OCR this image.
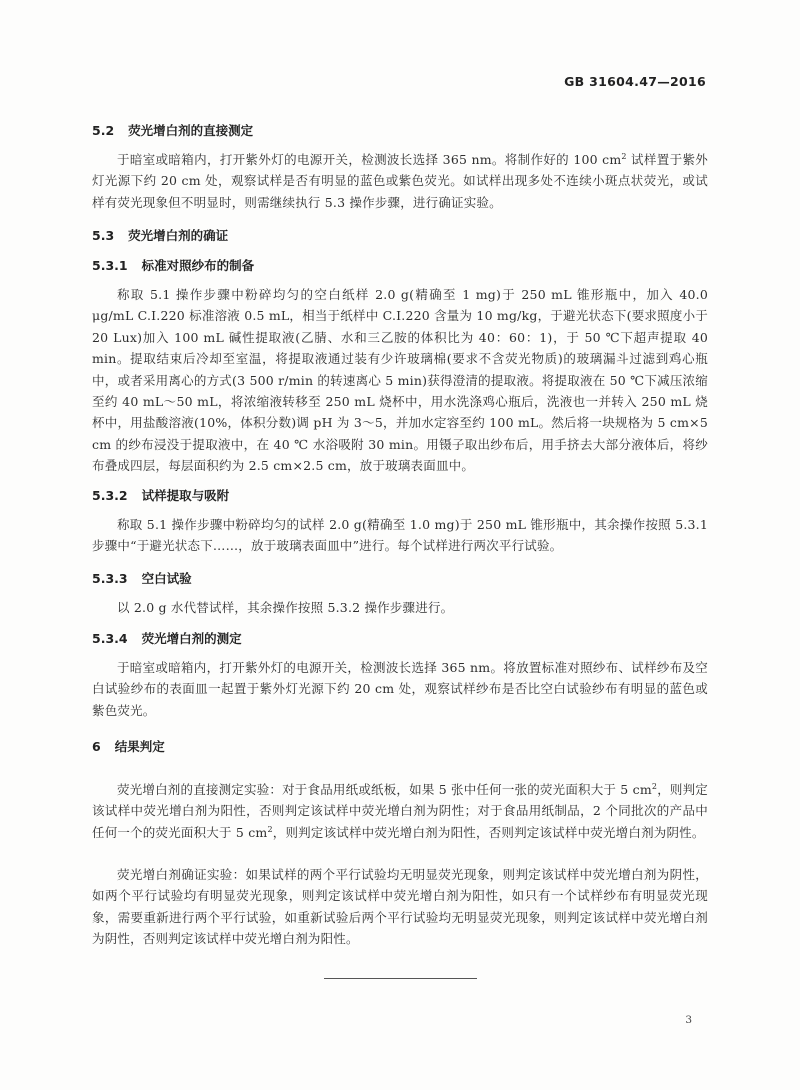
GB 31604.47—2016
5.2 荧光增白剂的直接测定
于暗室或暗箱内，打开紫外灯的电源开关，检测波长选择 365 nm。将制作好的 100 $cm^2$ 试样置于紫外灯光源下约 20 cm 处，观察试样是否有明显的蓝色或紫色荧光。如试样出现多处不连续小斑点状荧光，或试样有荧光现象但不明显时，则需继续执行 5.3 操作步骤，进行确证实验。
5.3 荧光增白剂的确证
5.3.1 标准对照纱布的制备
称取 5.1 操作步骤中粉碎均匀的空白纸样 2.0 g(精确至 1 mg)于 250 mL 锥形瓶中，加入 40.0 μg/mL C.I.220 标准溶液 0.5 mL，相当于纸样中 C.I.220 含量为 10 mg/kg，于避光状态下(要求照度小于 20 Lux)加入 100 mL 碱性提取液(乙腈、水和三乙胺的体积比为 40：60：1)，于 50 ℃下超声提取 40 min。提取结束后冷却至室温，将提取液通过装有少许玻璃棉(要求不含荧光物质)的玻璃漏斗过滤到鸡心瓶中，或者采用离心的方式(3 500 r/min 的转速离心 5 min)获得澄清的提取液。将提取液在 50 ℃下减压浓缩至约 40 mL～50 mL，将浓缩液转移至 250 mL 烧杯中，用水洗涤鸡心瓶后，洗液也一并转入 250 mL 烧杯中，用盐酸溶液(10%，体积分数)调 pH 为 3～5，并加水定容至约 100 mL。然后将一块规格为 5 cm×5 cm 的纱布浸没于提取液中，在 40 ℃ 水浴吸附 30 min。用镊子取出纱布后，用手挤去大部分液体后，将纱布叠成四层，每层面积约为 2.5 cm×2.5 cm，放于玻璃表面皿中。
5.3.2 试样提取与吸附
称取 5.1 操作步骤中粉碎均匀的试样 2.0 g(精确至 1.0 mg)于 250 mL 锥形瓶中，其余操作按照 5.3.1步骤中“于避光状态下……，放于玻璃表面皿中”进行。每个试样进行两次平行试验。
5.3.3 空白试验
以 2.0 g 水代替试样，其余操作按照 5.3.2 操作步骤进行。
5.3.4 荧光增白剂的测定
于暗室或暗箱内，打开紫外灯的电源开关，检测波长选择 365 nm。将放置标准对照纱布、试样纱布及空白试验纱布的表面皿一起置于紫外灯光源下约 20 cm 处，观察试样纱布是否比空白试验纱布有明显的蓝色或紫色荧光。
6 结果判定
荧光增白剂的直接测定实验：对于食品用纸或纸板，如果 5 张中任何一张的荧光面积大于 5 $cm^2$，则判定该试样中荧光增白剂为阳性，否则判定该试样中荧光增白剂为阴性；对于食品用纸制品，2 个同批次的产品中任何一个的荧光面积大于 5 $cm^2$，则判定该试样中荧光增白剂为阳性，否则判定该试样中荧光增白剂为阴性。
荧光增白剂确证实验：如果试样的两个平行试验均无明显荧光现象，则判定该试样中荧光增白剂为阴性，如两个平行试验均有明显荧光现象，则判定该试样中荧光增白剂为阳性，如只有一个试样纱布有明显荧光现象，需要重新进行两个平行试验，如重新试验后两个平行试验均无明显荧光现象，则判定该试样中荧光增白剂为阴性，否则判定该试样中荧光增白剂为阳性。
3
